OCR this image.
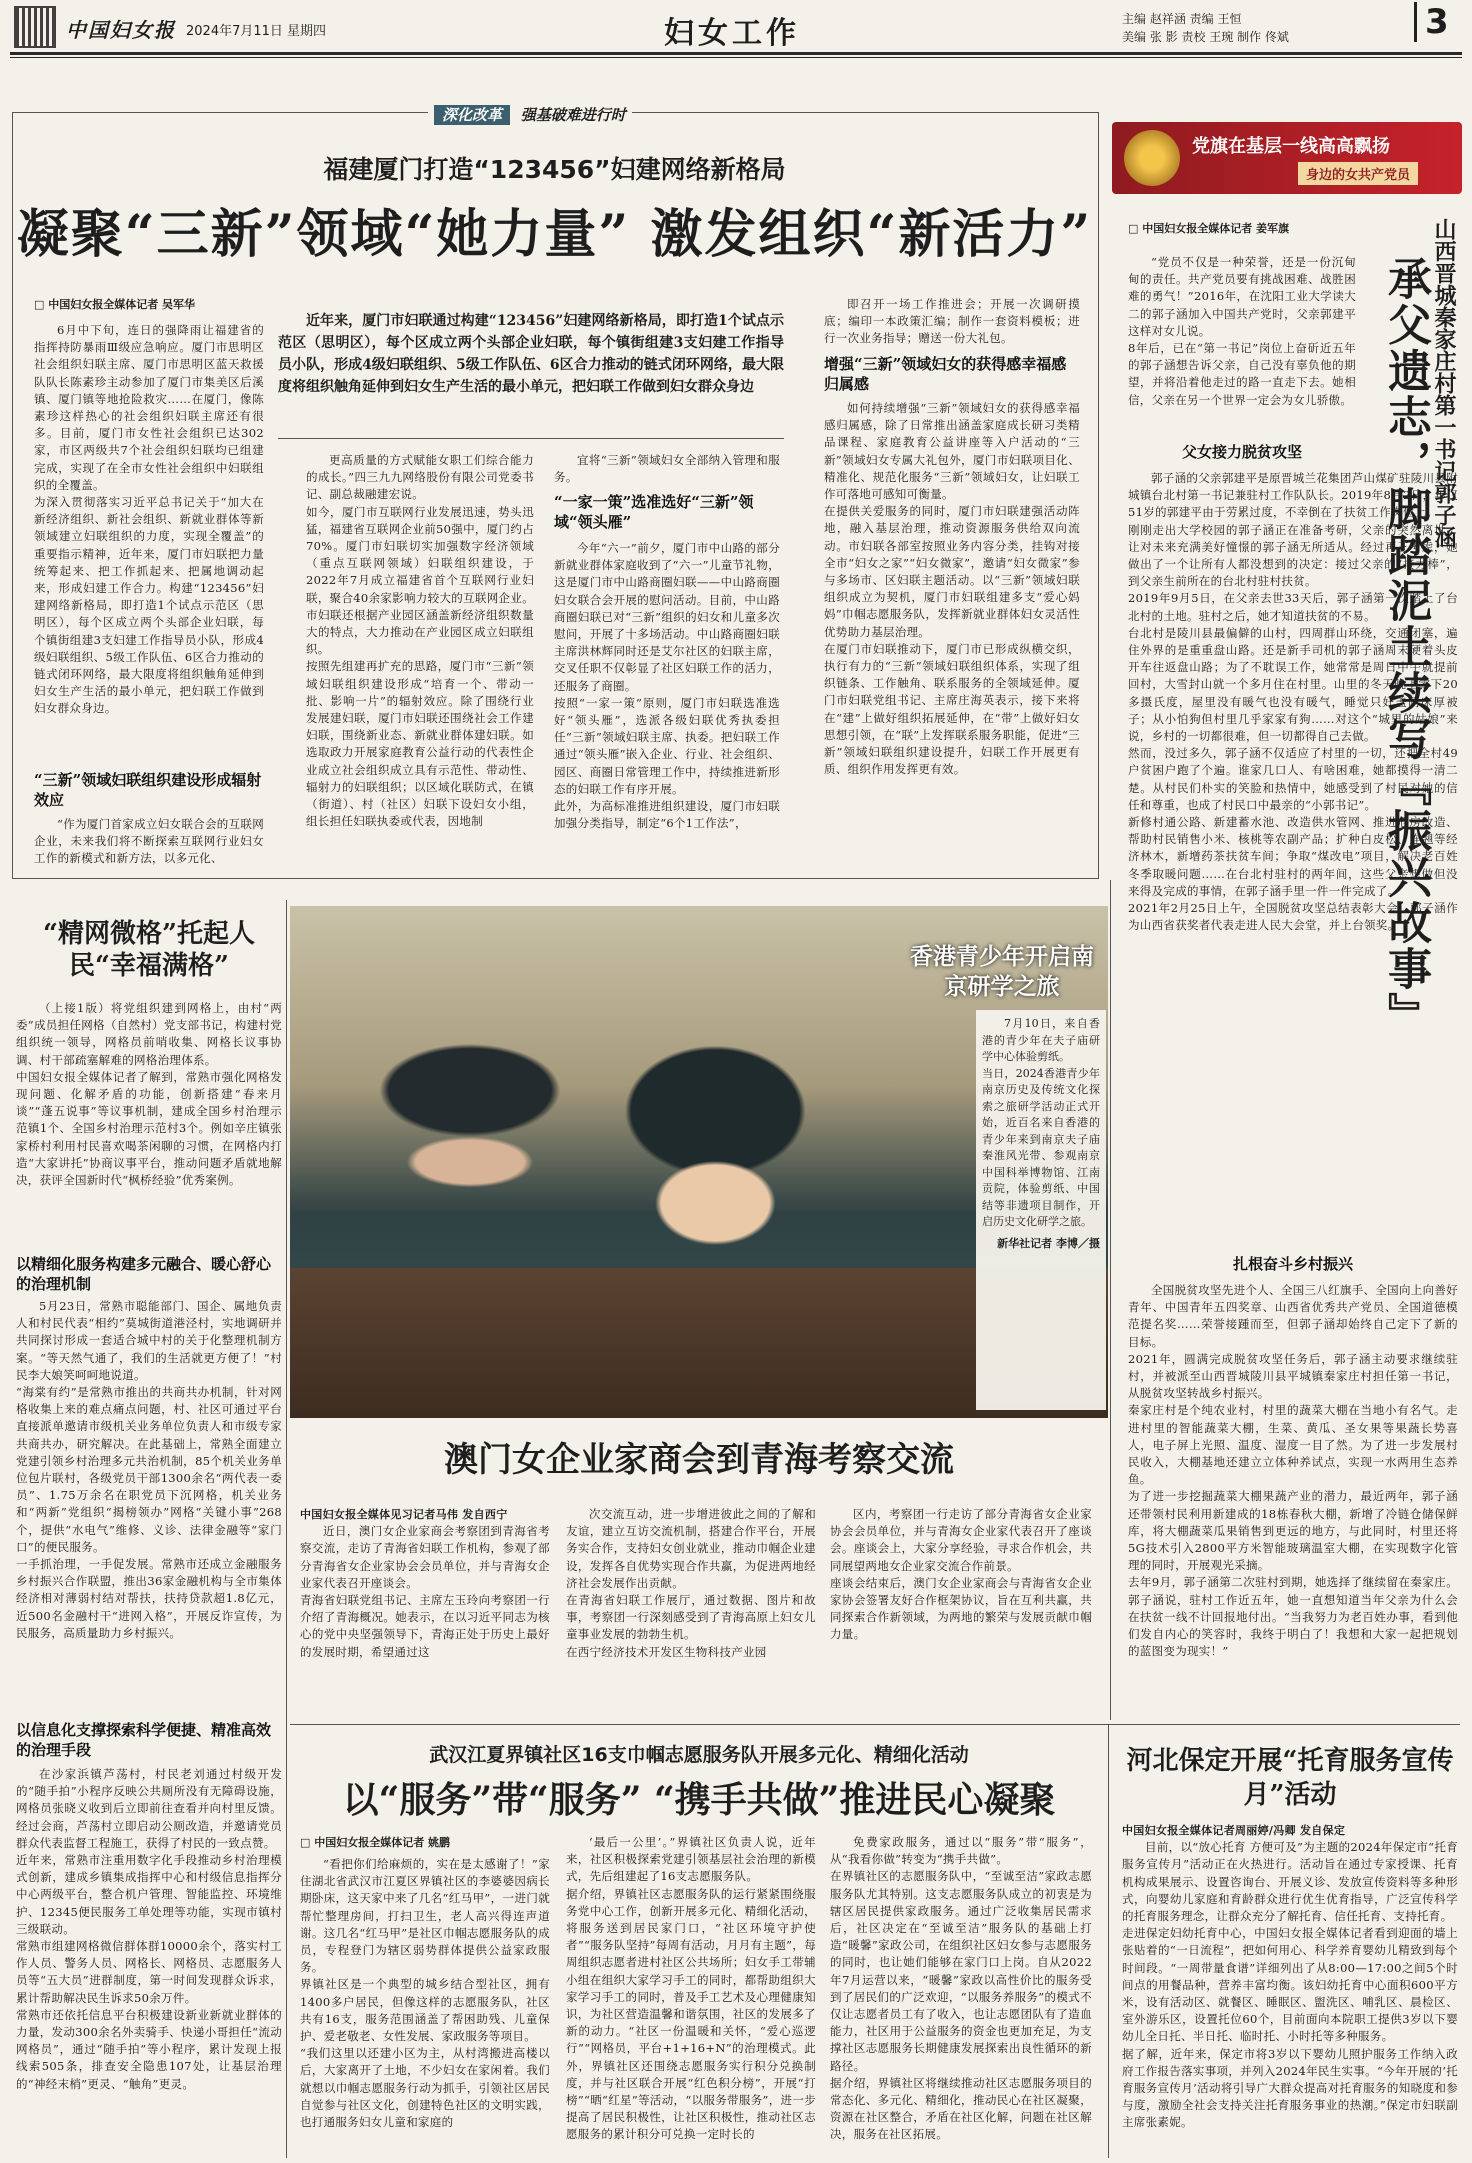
中国妇女报 2024年7月11日 星期四	妇女工作	主编 赵祥涵 责编 王恒
美编 张 影 责校 王琬 制作 佟斌	3
深化改革 强基破难进行时
福建厦门打造“123456”妇建网络新格局
凝聚“三新”领域“她力量” 激发组织“新活力”
□ 中国妇女报全媒体记者 吴军华
近年来，厦门市妇联通过构建“123456”妇建网络新格局，即打造1个试点示范区（思明区），每个区成立两个头部企业妇联，每个镇街组建3支妇建工作指导员小队，形成4级妇联组织、5级工作队伍、6区合力推动的链式闭环网络，最大限度将组织触角延伸到妇女生产生活的最小单元，把妇联工作做到妇女群众身边
6月中下旬，连日的强降雨让福建省的指挥持防暴雨Ⅲ级应急响应。厦门市思明区社会组织妇联主席、厦门市思明区蓝天救援队队长陈素珍主动参加了厦门市集美区后溪镇、厦门镇等地抢险救灾……在厦门，像陈素珍这样热心的社会组织妇联主席还有很多。目前，厦门市女性社会组织已达302家，市区两级共7个社会组织妇联均已组建完成，实现了在全市女性社会组织中妇联组织的全覆盖。
为深入贯彻落实习近平总书记关于“加大在新经济组织、新社会组织、新就业群体等新领域建立妇联组织的力度，实现全覆盖”的重要指示精神，近年来，厦门市妇联把力量统筹起来、把工作抓起来、把属地调动起来，形成妇建工作合力。构建“123456”妇建网络新格局，即打造1个试点示范区（思明区），每个区成立两个头部企业妇联，每个镇街组建3支妇建工作指导员小队，形成4级妇联组织、5级工作队伍、6区合力推动的链式闭环网络，最大限度将组织触角延伸到妇女生产生活的最小单元，把妇联工作做到妇女群众身边。
“三新”领域妇联组织建设形成辐射效应
“作为厦门首家成立妇女联合会的互联网企业，未来我们将不断探索互联网行业妇女工作的新模式和新方法，以多元化、
更高质量的方式赋能女职工们综合能力的成长。”四三九九网络股份有限公司党委书记、副总裁融建宏说。
如今，厦门市互联网行业发展迅速，势头迅猛，福建省互联网企业前50强中，厦门约占70%。厦门市妇联切实加强数字经济领域（重点互联网领域）妇联组织建设，于2022年7月成立福建省首个互联网行业妇联，聚合40余家影响力较大的互联网企业。市妇联还根据产业园区涵盖新经济组织数量大的特点，大力推动在产业园区成立妇联组织。
按照先组建再扩充的思路，厦门市“三新”领域妇联组织建设形成“培育一个、带动一批、影响一片”的辐射效应。除了围绕行业发展建妇联，厦门市妇联还围绕社会工作建妇联，围绕新业态、新就业群体建妇联。如选取政力开展家庭教育公益行动的代表性企业成立社会组织成立具有示范性、带动性、辐射力的妇联组织；以区域化联防式，在镇（街道）、村（社区）妇联下设妇女小组，组长担任妇联执委或代表，因地制
宜将“三新”领域妇女全部纳入管理和服务。
“一家一策”选准选好“三新”领域“领头雁”
今年“六一”前夕，厦门市中山路的部分新就业群体家庭收到了“六一”儿童节礼物，这是厦门市中山路商圈妇联——中山路商圈妇女联合会开展的慰问活动。目前，中山路商圈妇联已对“三新”组织的妇女和儿童多次慰问，开展了十多场活动。中山路商圈妇联主席洪林辉同时还是艾尔社区的妇联主席，交叉任职不仅彰显了社区妇联工作的活力，还服务了商圈。
按照“一家一策”原则，厦门市妇联选准选好“领头雁”，选派各级妇联优秀执委担任“三新”领域妇联主席、执委。把妇联工作通过“领头雁”嵌入企业、行业、社会组织、园区、商圈日常管理工作中，持续推进新形态的妇联工作有序开展。
此外，为高标准推进组织建设，厦门市妇联加强分类指导，制定“6个1工作法”，
即召开一场工作推进会；开展一次调研摸底；编印一本政策汇编；制作一套资料模板；进行一次业务指导；赠送一份大礼包。
增强“三新”领域妇女的获得感幸福感归属感
如何持续增强“三新”领域妇女的获得感幸福感归属感，除了日常推出涵盖家庭成长研习类精品课程、家庭教育公益讲座等入户活动的“三新”领域妇女专属大礼包外，厦门市妇联项目化、精准化、规范化服务“三新”领域妇女，让妇联工作可落地可感知可衡量。
在提供关爱服务的同时，厦门市妇联建强活动阵地，融入基层治理，推动资源服务供给双向流动。市妇联各部室按照业务内容分类，挂钩对接全市“妇女之家”“妇女微家”，邀请“妇女微家”参与多场市、区妇联主题活动。以“三新”领域妇联组织成立为契机，厦门市妇联组建多支“爱心妈妈”巾帼志愿服务队，发挥新就业群体妇女灵活性优势助力基层治理。
在厦门市妇联推动下，厦门市已形成纵横交织，执行有力的“三新”领域妇联组织体系，实现了组织链条、工作触角、联系服务的全领域延伸。厦门市妇联党组书记、主席庄海英表示，接下来将在“建”上做好组织拓展延伸，在“带”上做好妇女思想引领，在“联”上发挥联系服务职能，促进“三新”领域妇联组织建设提升，妇联工作开展更有质、组织作用发挥更有效。
党旗在基层一线高高飘扬
身边的女共产党员
□ 中国妇女报全媒体记者 姜军旗	山西晋城秦家庄村第一书记郭子涵
承父遗志，脚踏泥土续写『振兴故事』
“党员不仅是一种荣誉，还是一份沉甸甸的责任。共产党员要有挑战困难、战胜困难的勇气！”2016年，在沈阳工业大学读大二的郭子涵加入中国共产党时，父亲郭建平这样对女儿说。
8年后，已在“第一书记”岗位上奋斫近五年的郭子涵想告诉父亲，自己没有辜负他的期望，并将沿着他走过的路一直走下去。她相信，父亲在另一个世界一定会为女儿骄傲。
父女接力脱贫攻坚
郭子涵的父亲郭建平是原晋城兰花集团芦山煤矿驻陵川县附城镇台北村第一书记兼驻村工作队队长。2019年8月2日，年仅51岁的郭建平由于劳累过度，不幸倒在了扶贫工作岗位上。
刚刚走出大学校园的郭子涵正在准备考研，父亲的突然离世，让对未来充满美好憧憬的郭子涵无所适从。经过再三考虑，她做出了一个让所有人都没想到的决定：接过父亲的“接力棒”，到父亲生前所在的台北村驻村扶贫。
2019年9月5日，在父亲去世33天后，郭子涵第一次踏上了台北村的土地。驻村之后，她才知道扶贫的不易。
台北村是陵川县最偏僻的山村，四周群山环绕，交通闭塞，遍住外界的是重重盘山路。还是新手司机的郭子涵周末硬着头皮开车往返盘山路；为了不耽误工作，她常常是周日中午就提前回村，大雪封山就一个多月住在村里。山里的冬天晚上零下20多摄氏度，屋里没有暖气也没有暖气，睡觉只好盖两床厚被子；从小怕狗但村里几乎家家有狗……对这个“城里的姑娘”来说，乡村的一切都很难，但一切都得自己去做。
然而，没过多久，郭子涵不仅适应了村里的一切，还把全村49户贫困户跑了个遍。谁家几口人、有啥困难，她都摸得一清二楚。从村民们朴实的笑脸和热情中，她感受到了村民对她的信任和尊重，也成了村民口中最亲的“小郭书记”。
新修村通公路、新建蓄水池、改造供水管网、推进危房改造、帮助村民销售小米、核桃等农副产品；扩种白皮松、连翘等经济林木，新增药茶扶贫车间；争取“煤改电”项目，解决老百姓冬季取暖问题……在台北村驻村的两年间，这些父亲想做但没来得及完成的事情，在郭子涵手里一件一件完成了。
2021年2月25日上午，全国脱贫攻坚总结表彰大会，郭子涵作为山西省获奖者代表走进人民大会堂，并上台领奖。
扎根奋斗乡村振兴
全国脱贫攻坚先进个人、全国三八红旗手、全国向上向善好青年、中国青年五四奖章、山西省优秀共产党员、全国道德模范提名奖……荣誉接踵而至，但郭子涵却始终自己定下了新的目标。
2021年，圆满完成脱贫攻坚任务后，郭子涵主动要求继续驻村，并被派至山西晋城陵川县平城镇秦家庄村担任第一书记，从脱贫攻坚转战乡村振兴。
秦家庄村是个纯农业村，村里的蔬菜大棚在当地小有名气。走进村里的智能蔬菜大棚，生菜、黄瓜、圣女果等果蔬长势喜人，电子屏上光照、温度、湿度一目了然。为了进一步发展村民收入，大棚基地还建立立体种养试点，实现一水两用生态养鱼。
为了进一步挖掘蔬菜大棚果蔬产业的潜力，最近两年，郭子涵还带领村民利用新建成的18栋春秋大棚，新增了冷链仓储保鲜库，将大棚蔬菜瓜果销售到更远的地方，与此同时，村里还将5G技术引入2800平方米智能玻璃温室大棚，在实现数字化管理的同时，开展观光采摘。
去年9月，郭子涵第二次驻村到期，她选择了继续留在秦家庄。郭子涵说，驻村工作近五年，她一直想知道当年父亲为什么会在扶贫一线不计回报地付出。“当我努力为老百姓办事，看到他们发自内心的笑容时，我终于明白了！我想和大家一起把规划的蓝图变为现实！”
“精网微格”托起人民“幸福满格”
（上接1版）将党组织建到网格上，由村“两委”成员担任网格（自然村）党支部书记，构建村党组织统一领导，网格员前哨收集、网格长议事协调、村干部疏塞解难的网格治理体系。
中国妇女报全媒体记者了解到，常熟市强化网格发现问题、化解矛盾的功能，创新搭建“春来月谈”“蓬五说事”等议事机制，建成全国乡村治理示范镇1个、全国乡村治理示范村3个。例如辛庄镇张家桥村利用村民喜欢喝茶闲聊的习惯，在网格内打造“大家讲托”协商议事平台，推动问题矛盾就地解决，获评全国新时代“枫桥经验”优秀案例。
以精细化服务构建多元融合、暖心舒心的治理机制
5月23日，常熟市聪能部门、国企、属地负责人和村民代表“相约”莫城街道港泾村，实地调研并共同探讨形成一套适合城中村的关于化整理机制方案。“等天然气通了，我们的生活就更方便了！”村民李大娘笑呵呵地说道。
“海棠有约”是常熟市推出的共商共办机制，针对网格收集上来的难点痛点问题，村、社区可通过平台直接派单邀请市级机关业务单位负责人和市级专家共商共办，研究解决。在此基础上，常熟全面建立党建引领乡村治理多元共治机制，85个机关业务单位包片联村，各级党员干部1300余名“两代表一委员”、1.75万余名在职党员下沉网格，机关业务和“两新”党组织“揭榜领办”网格“关键小事”268个，提供“水电气”维修、义诊、法律金融等“家门口”的便民服务。
一手抓治理，一手促发展。常熟市还成立金融服务乡村振兴合作联盟，推出36家金融机构与全市集体经济相对薄弱村结对帮扶，扶持贷款超1.8亿元，近500名金融村干“进网入格”，开展反诈宣传，为民服务，高质量助力乡村振兴。
以信息化支撑探索科学便捷、精准高效的治理手段
在沙家浜镇芦荡村，村民老刘通过村级开发的“随手拍”小程序反映公共厕所没有无障碍设施，网格员张晓义收到后立即前往查看并向村里反馈。经过会商，芦荡村立即启动公厕改造，并邀请党员群众代表监督工程施工，获得了村民的一致点赞。
近年来，常熟市注重用数字化手段推动乡村治理模式创新，建成乡镇集成指挥中心和村级信息指挥分中心两级平台，整合机户管理、智能监控、环境维护、12345便民服务工单处理等功能，实现市镇村三级联动。
常熟市组建网格微信群体群10000余个，落实村工作人员、警务人员、网格长、网格员、志愿服务人员等“五大员”进群制度，第一时间发现群众诉求，累计帮助解决民生诉求50余万件。
常熟市还依托信息平台积极建设新业新就业群体的力量，发动300余名外卖骑手、快递小哥担任“流动网格员”，通过“随手拍”等小程序，累计发现上报线索505条，排查安全隐患107处，让基层治理的“神经末梢”更灵、“触角”更灵。
香港青少年开启南京研学之旅
7月10日，来自香港的青少年在夫子庙研学中心体验剪纸。
当日，2024香港青少年南京历史及传统文化探索之旅研学活动正式开始，近百名来自香港的青少年来到南京夫子庙秦淮风光带、参观南京中国科举博物馆、江南贡院，体验剪纸、中国结等非遗项目制作，开启历史文化研学之旅。
新华社记者 李博／摄
澳门女企业家商会到青海考察交流
中国妇女报全媒体见习记者马伟 发自西宁
近日，澳门女企业家商会考察团到青海省考察交流，走访了青海省妇联工作机构，参观了部分青海省女企业家协会会员单位，并与青海女企业家代表召开座谈会。
青海省妇联党组书记、主席左玉玲向考察团一行介绍了青海概况。她表示，在以习近平同志为核心的党中央坚强领导下，青海正处于历史上最好的发展时期，希望通过这
次交流互动，进一步增进彼此之间的了解和友谊，建立互访交流机制，搭建合作平台，开展务实合作，支持妇女创业就业，推动巾帼企业建设，发挥各自优势实现合作共赢，为促进两地经济社会发展作出贡献。
在青海省妇联工作展厅，通过数据、图片和故事，考察团一行深刻感受到了青海高原上妇女儿童事业发展的勃勃生机。
在西宁经济技术开发区生物科技产业园
区内，考察团一行走访了部分青海省女企业家协会会员单位，并与青海女企业家代表召开了座谈会。座谈会上，大家分享经验，寻求合作机会，共同展望两地女企业家交流合作前景。
座谈会结束后，澳门女企业家商会与青海省女企业家协会签署友好合作框架协议，旨在互利共赢，共同探索合作新领域，为两地的繁荣与发展贡献巾帼力量。
武汉江夏界镇社区16支巾帼志愿服务队开展多元化、精细化活动
以“服务”带“服务” “携手共做”推进民心凝聚
□ 中国妇女报全媒体记者 姚鹏
“看把你们给麻烦的，实在是太感谢了！”家住湖北省武汉市江夏区界镇社区的李婆婆因病长期卧床，这天家中来了几名“红马甲”，一进门就帮忙整理房间，打扫卫生，老人高兴得连声道谢。这几名“红马甲”是社区巾帼志愿服务队的成员，专程登门为辖区弱势群体提供公益家政服务。
界镇社区是一个典型的城乡结合型社区，拥有1400多户居民，但像这样的志愿服务队，社区共有16支，服务范围涵盖了帮困助残、儿童保护、爱老敬老、女性发展、家政服务等项目。
“我们这里以还建小区为主，从村湾搬进高楼以后，大家离开了土地，不少妇女在家闲着。我们就想以巾帼志愿服务行动为抓手，引领社区居民自觉参与社区文化，创建特色社区的文明实践，也打通服务妇女儿童和家庭的
‘最后一公里’。”界镇社区负责人说，近年来，社区积极探索党建引领基层社会治理的新模式，先后组建起了16支志愿服务队。
据介绍，界镇社区志愿服务队的运行紧紧围绕服务党中心工作，创新开展多元化、精细化活动，将服务送到居民家门口，“社区环境守护使者”“服务队坚持”每周有活动，月月有主题”，每周组织志愿者进村社区公共场所；妇女手工带辅小组在组织大家学习手工的同时，都帮助组织大家学习手工的同时，普及手工艺术及心理健康知识，为社区营造温馨和谐氛围，社区的发展多了新的动力。“社区一份温暖和关怀，“爱心巡逻行”“网格员，平台+1+16+N”的治理模式。此外，界镇社区还围绕志愿服务实行积分兑换制度，并与社区联合开展“红色积分榜”，开展“打榜”“晒“红星”等活动，“以服务带服务”，进一步提高了居民积极性，让社区积极性，推动社区志愿服务的累计积分可兑换一定时长的
免费家政服务，通过以“服务”带“服务”，从“我看你做”转变为“携手共做”。
在界镇社区的志愿服务队中，“至诚至洁”家政志愿服务队尤其特别。这支志愿服务队成立的初衷是为辖区居民提供家政服务。通过广泛收集居民需求后，社区决定在“至诚至洁”服务队的基础上打造“暖馨”家政公司，在组织社区妇女参与志愿服务的同时，也让她们能够在家门口上岗。自从2022年7月运营以来，“暖馨”家政以高性价比的服务受到了居民们的广泛欢迎，“以服务养服务”的模式不仅让志愿者员工有了收入，也让志愿团队有了造血能力，社区用于公益服务的资金也更加充足，为支撑社区志愿服务长期健康发展探索出良性循环的新路径。
据介绍，界镇社区将继续推动社区志愿服务项目的常态化、多元化、精细化，推动民心在社区凝聚，资源在社区整合，矛盾在社区化解，问题在社区解决，服务在社区拓展。
河北保定开展“托育服务宣传月”活动
中国妇女报全媒体记者周丽婷/冯卿 发自保定
目前，以“放心托育 方便可及”为主题的2024年保定市“托育服务宣传月”活动正在火热进行。活动旨在通过专家授课、托育机构成果展示、设置咨询台、开展义诊、发放宣传资料等多种形式，向婴幼儿家庭和育龄群众进行优生优育指导，广泛宣传科学的托育服务理念，让群众充分了解托育、信任托育、支持托育。
走进保定妇幼托育中心，中国妇女报全媒体记者看到迎面的墙上张贴着的“一日流程”，把如何用心、科学养育婴幼儿精致到每个时间段。“一周带量食谱”详细列出了从8:00—17:00之间5个时间点的用餐品种，营养丰富均衡。该妇幼托育中心面积600平方米，设有活动区、就餐区、睡眠区、盥洗区、哺乳区、晨检区、室外游乐区，设置托位60个，目前面向本院职工提供3岁以下婴幼儿全日托、半日托、临时托、小时托等多种服务。
据了解，近年来，保定市将3岁以下婴幼儿照护服务工作纳入政府工作报告落实事项，并列入2024年民生实事。“今年开展的‘托育服务宣传月’活动将引导广大群众提高对托育服务的知晓度和参与度，激励全社会支持关注托育服务事业的热潮。”保定市妇联副主席张素妮。
